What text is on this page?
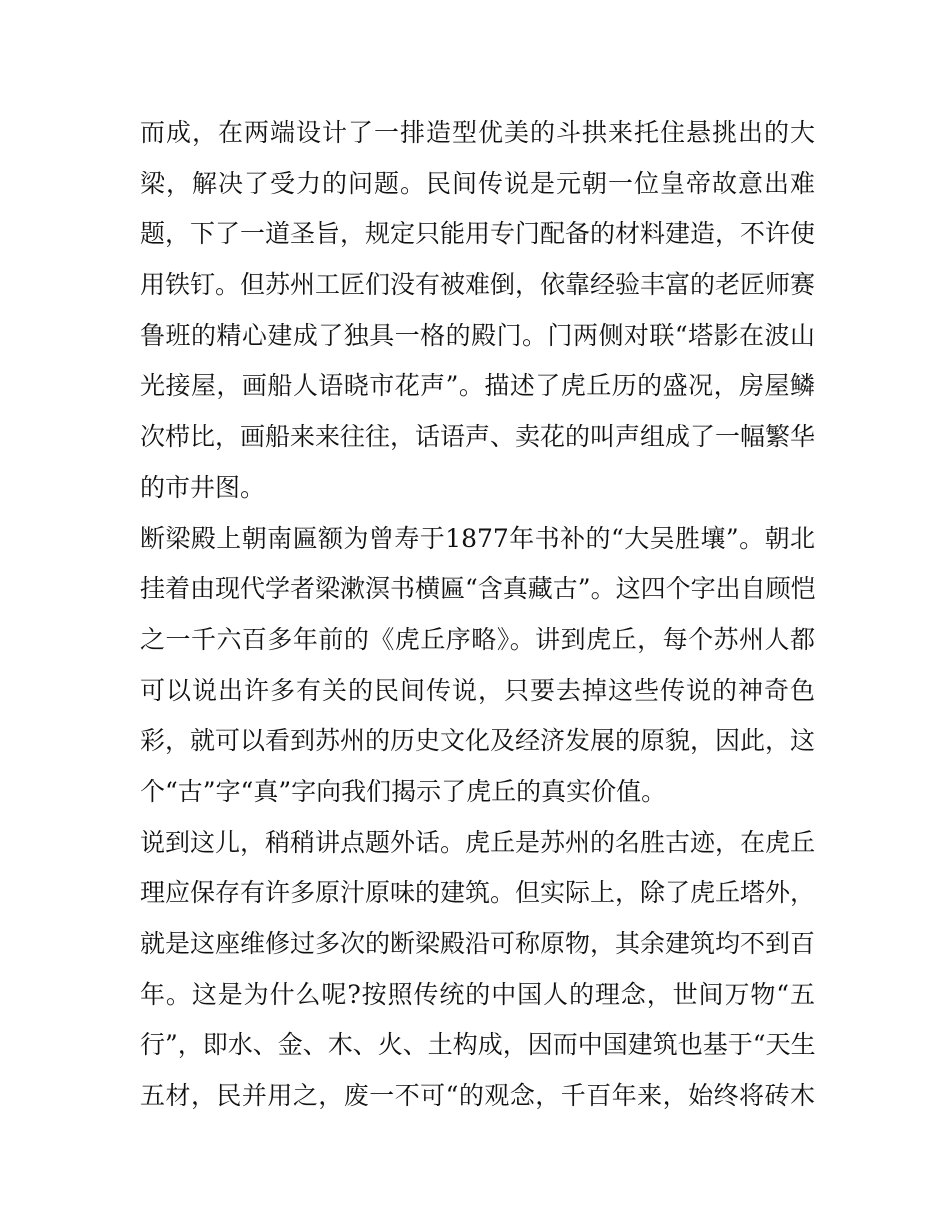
而成，在两端设计了一排造型优美的斗拱来托住悬挑出的大
梁，解决了受力的问题。民间传说是元朝一位皇帝故意出难
题，下了一道圣旨，规定只能用专门配备的材料建造，不许使
用铁钉。但苏州工匠们没有被难倒，依靠经验丰富的老匠师赛
鲁班的精心建成了独具一格的殿门。门两侧对联“塔影在波山
光接屋，画船人语晓市花声”。描述了虎丘历的盛况，房屋鳞
次栉比，画船来来往往，话语声、卖花的叫声组成了一幅繁华
的市井图。
断梁殿上朝南匾额为曾寿于1877年书补的“大吴胜壤”。朝北
挂着由现代学者梁漱溟书横匾“含真藏古”。这四个字出自顾恺
之一千六百多年前的《虎丘序略》。讲到虎丘，每个苏州人都
可以说出许多有关的民间传说，只要去掉这些传说的神奇色
彩，就可以看到苏州的历史文化及经济发展的原貌，因此，这
个“古”字“真”字向我们揭示了虎丘的真实价值。
说到这儿，稍稍讲点题外话。虎丘是苏州的名胜古迹，在虎丘
理应保存有许多原汁原味的建筑。但实际上，除了虎丘塔外，
就是这座维修过多次的断梁殿沿可称原物，其余建筑均不到百
年。这是为什么呢?按照传统的中国人的理念，世间万物“五
行”，即水、金、木、火、土构成，因而中国建筑也基于“天生
五材，民并用之，废一不可“的观念，千百年来，始终将砖木
